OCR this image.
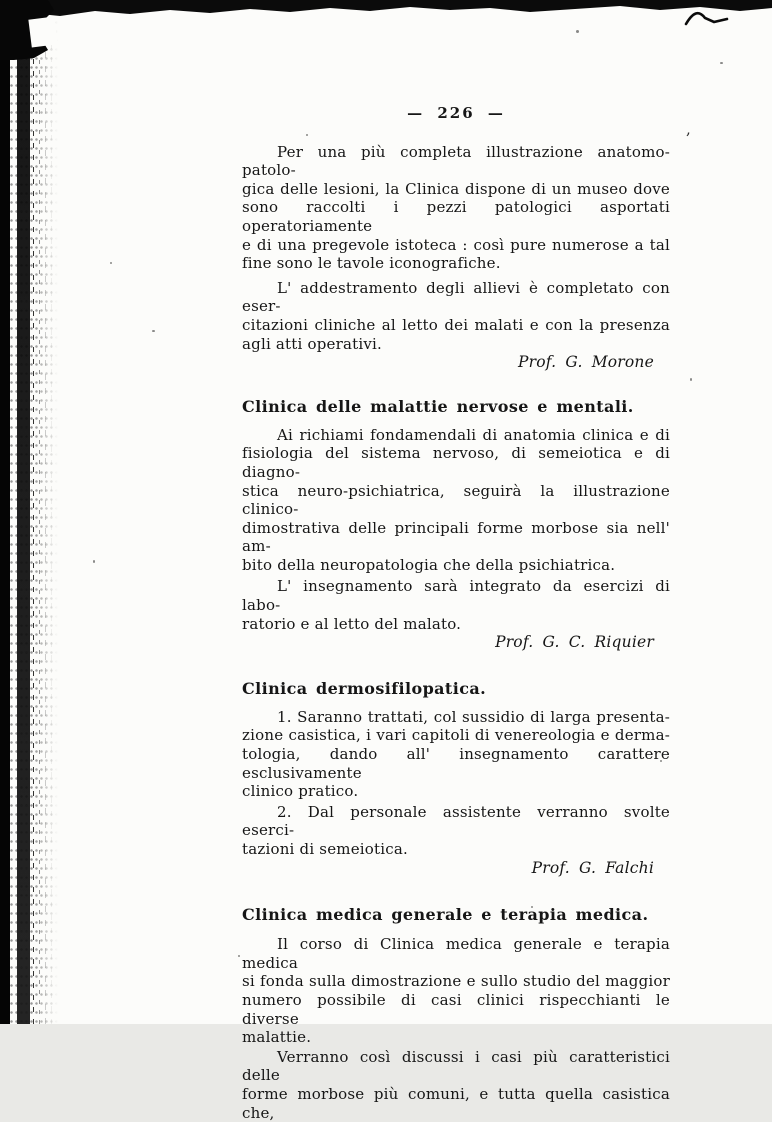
,
— 226 —
Per una più completa illustrazione anatomo-patolo-
gica delle lesioni, la Clinica dispone di un museo dove
sono raccolti i pezzi patologici asportati operatoriamente
e di una pregevole istoteca : così pure numerose a tal
fine sono le tavole iconografiche.
L' addestramento degli allievi è completato con eser-
citazioni cliniche al letto dei malati e con la presenza
agli atti operativi.
Prof. G. Morone
Clinica delle malattie nervose e mentali.
Ai richiami fondamendali di anatomia clinica e di
fisiologia del sistema nervoso, di semeiotica e di diagno-
stica neuro-psichiatrica, seguirà la illustrazione clinico-
dimostrativa delle principali forme morbose sia nell' am-
bito della neuropatologia che della psichiatrica.
L' insegnamento sarà integrato da esercizi di labo-
ratorio e al letto del malato.
Prof. G. C. Riquier
Clinica dermosifilopatica.
1. Saranno trattati, col sussidio di larga presenta-
zione casistica, i vari capitoli di venereologia e derma-
tologia, dando all' insegnamento carattere esclusivamente
clinico pratico.
2. Dal personale assistente verranno svolte eserci-
tazioni di semeiotica.
Prof. G. Falchi
Clinica medica generale e terapia medica.
Il corso di Clinica medica generale e terapia medica
si fonda sulla dimostrazione e sullo studio del maggior
numero possibile di casi clinici rispecchianti le diverse
malattie.
Verranno così discussi i casi più caratteristici delle
forme morbose più comuni, e tutta quella casistica che,
